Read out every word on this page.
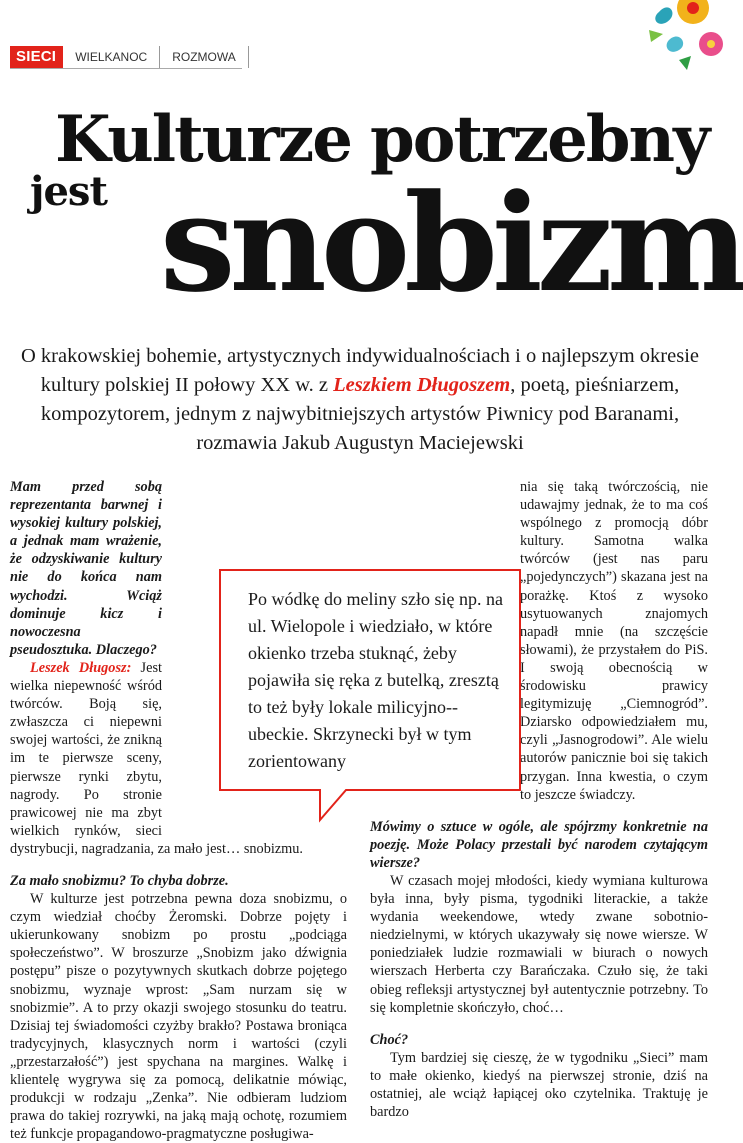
SIECI	WIELKANOC	ROZMOWA
Kulturze potrzebny
jest snobizm

O krakowskiej bohemie, artystycznych indywidualnościach i o najlepszym okresie kultury polskiej II połowy XX w. z Leszkiem Długoszem, poetą, pieśniarzem, kompozytorem, jednym z najwybitniejszych artystów Piwnicy pod Baranami, rozmawia Jakub Augustyn Maciejewski

Mam przed sobą reprezentanta barwnej i wysokiej kultury polskiej, a jednak mam wrażenie, że odzyskiwanie kultury nie do końca nam wychodzi. Wciąż dominuje kicz i nowoczesna pseudosztuka. Dlaczego?

Leszek Długosz: Jest wielka niepewność wśród twórców. Boją się, zwłaszcza ci niepewni swojej wartości, że znikną im te pierwsze sceny, pierwsze rynki zbytu, nagrody. Po stronie prawicowej nie ma zbyt wielkich rynków, sieci dystrybucji, nagradzania, za mało jest… snobizmu.

Za mało snobizmu? To chyba dobrze.

W kulturze jest potrzebna pewna doza snobizmu, o czym wiedział choćby Żeromski. Dobrze pojęty i ukierunkowany snobizm po prostu „podciąga społeczeństwo”. W broszurze „Snobizm jako dźwignia postępu” pisze o pozytywnych skutkach dobrze pojętego snobizmu, wyznaje wprost: „Sam nurzam się w snobizmie”. A to przy okazji swojego stosunku do teatru. Dzisiaj tej świadomości czyżby brakło? Postawa broniąca tradycyjnych, klasycznych norm i wartości (czyli „przestarzałość”) jest spychana na margines. Walkę i klientelę wygrywa się za pomocą, delikatnie mówiąc, produkcji w rodzaju „Zenka”. Nie odbieram ludziom prawa do takiej rozrywki, na jaką mają ochotę, rozumiem też funkcje propagandowo-pragmatyczne posługiwa-

nia się taką twórczością, nie udawajmy jednak, że to ma coś wspólnego z promocją dóbr kultury. Samotna walka twórców (jest nas paru „pojedynczych”) skazana jest na porażkę. Ktoś z wysoko usytuowanych znajomych napadł mnie (na szczęście słowami), że przystałem do PiS. I swoją obecnością w środowisku prawicy legitymizuję „Ciemnogród”. Dziarsko odpowiedziałem mu, czyli „Jasnogrodowi”. Ale wielu autorów panicznie boi się takich przygan. Inna kwestia, o czym to jeszcze świadczy.

Mówimy o sztuce w ogóle, ale spójrzmy konkretnie na poezję. Może Polacy przestali być narodem czytającym wiersze?

W czasach mojej młodości, kiedy wymiana kulturowa była inna, były pisma, tygodniki literackie, a także wydania weekendowe, wtedy zwane sobotnio-niedzielnymi, w których ukazywały się nowe wiersze. W poniedziałek ludzie rozmawiali w biurach o nowych wierszach Herberta czy Barańczaka. Czuło się, że taki obieg refleksji artystycznej był autentycznie potrzebny. To się kompletnie skończyło, choć…

Choć?

Tym bardziej się cieszę, że w tygodniku „Sieci” mam to małe okienko, kiedyś na pierwszej stronie, dziś na ostatniej, ale wciąż łapiącej oko czytelnika. Traktuję je bardzo

Po wódkę do meliny szło się np. na ul. Wielopole i wiedziało, w które okienko trzeba stuknąć, żeby pojawiła się ręka z butelką, zresztą to też były lokale milicyjno--ubeckie. Skrzynecki był w tym zorientowany
